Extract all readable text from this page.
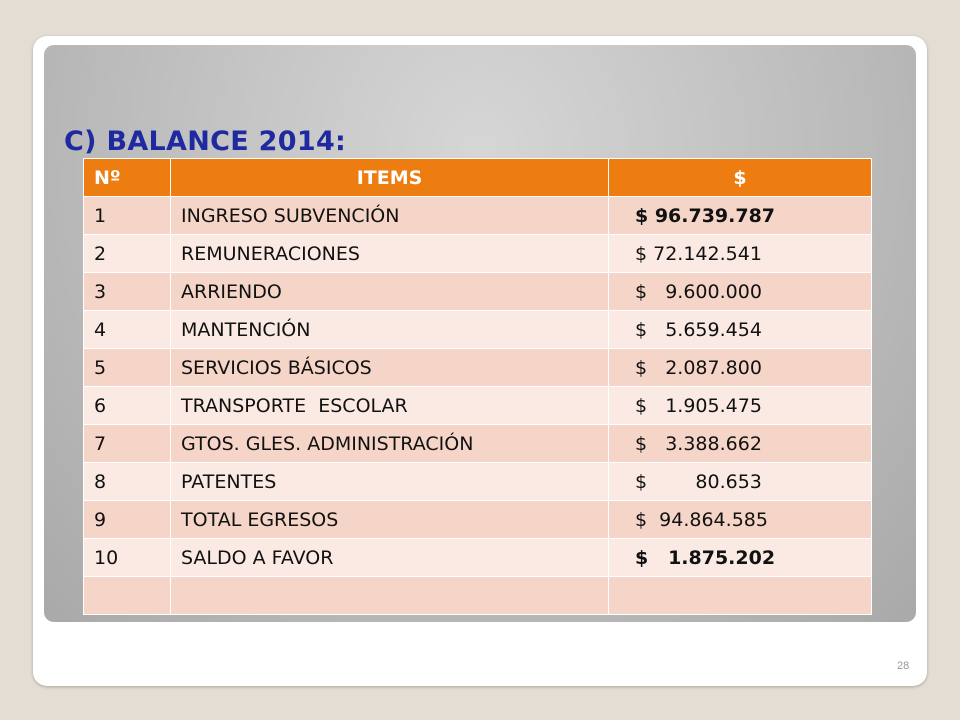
C) BALANCE 2014:
Nº	ITEMS	$
1	INGRESO SUBVENCIÓN	$ 96.739.787
2	REMUNERACIONES	$ 72.142.541
3	ARRIENDO	$   9.600.000
4	MANTENCIÓN	$   5.659.454
5	SERVICIOS BÁSICOS	$   2.087.800
6	TRANSPORTE  ESCOLAR	$   1.905.475
7	GTOS. GLES. ADMINISTRACIÓN	$   3.388.662
8	PATENTES	$        80.653
9	TOTAL EGRESOS	$  94.864.585
10	SALDO A FAVOR	$   1.875.202

28
